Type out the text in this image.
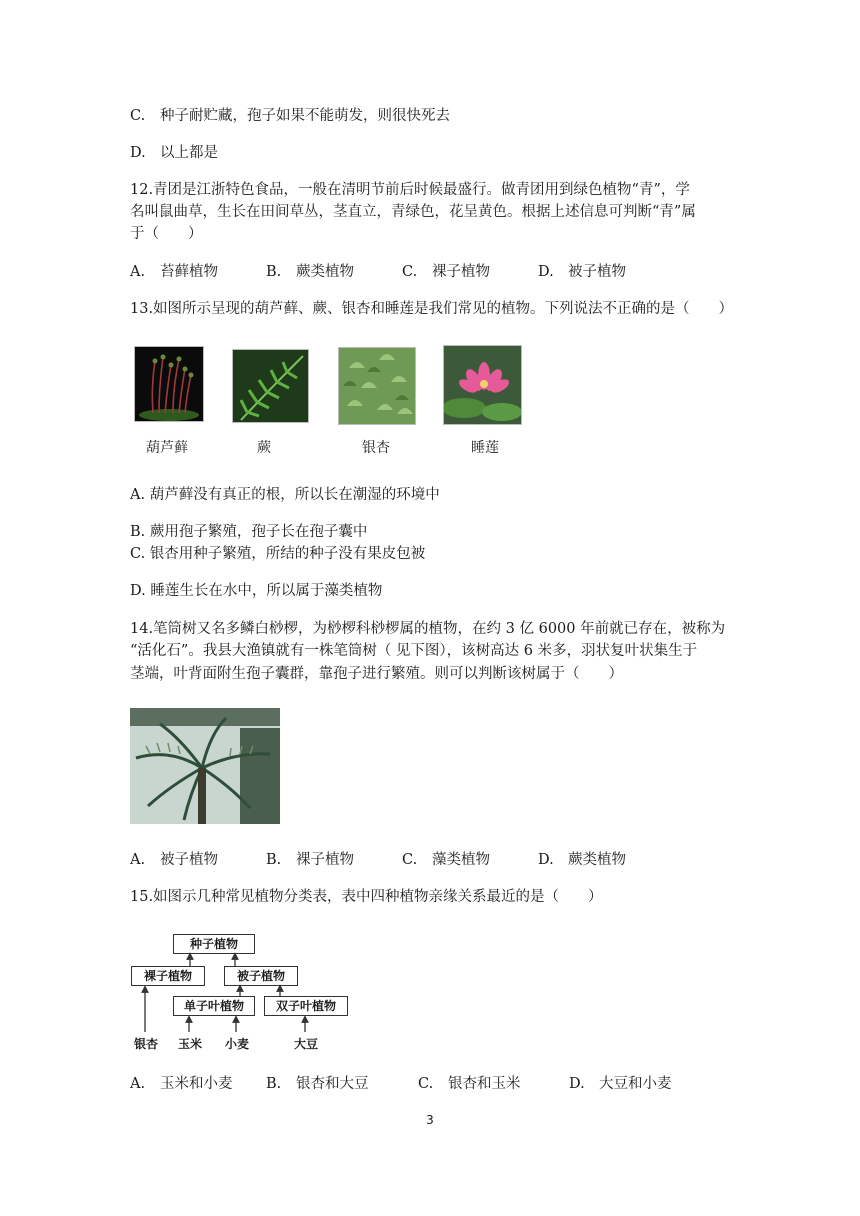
C. 种子耐贮藏，孢子如果不能萌发，则很快死去
D. 以上都是
12.青团是江浙特色食品，一般在清明节前后时候最盛行。做青团用到绿色植物“青”，学
名叫鼠曲草，生长在田间草丛，茎直立，青绿色，花呈黄色。根据上述信息可判断“青”属
于（　　）
A. 苔藓植物	B. 蕨类植物	C. 裸子植物	D. 被子植物
13.如图所示呈现的葫芦藓、蕨、银杏和睡莲是我们常见的植物。下列说法不正确的是（　　）
葫芦藓	蕨	银杏	睡莲
A. 葫芦藓没有真正的根，所以长在潮湿的环境中
B. 蕨用孢子繁殖，孢子长在孢子囊中
C. 银杏用种子繁殖，所结的种子没有果皮包被
D. 睡莲生长在水中，所以属于藻类植物
14.笔筒树又名多鳞白桫椤，为桫椤科桫椤属的植物，在约 3 亿 6000 年前就已存在，被称为
“活化石”。我县大渔镇就有一株笔筒树（ 见下图），该树高达 6 米多，羽状复叶状集生于
茎端，叶背面附生孢子囊群，靠孢子进行繁殖。则可以判断该树属于（　　）
A. 被子植物	B. 裸子植物	C. 藻类植物	D. 蕨类植物
15.如图示几种常见植物分类表，表中四种植物亲缘关系最近的是（　　）
种子植物
裸子植物	被子植物
单子叶植物	双子叶植物
银杏 玉米 小麦	大豆
A. 玉米和小麦 B. 银杏和大豆	C. 银杏和玉米	D. 大豆和小麦
3
